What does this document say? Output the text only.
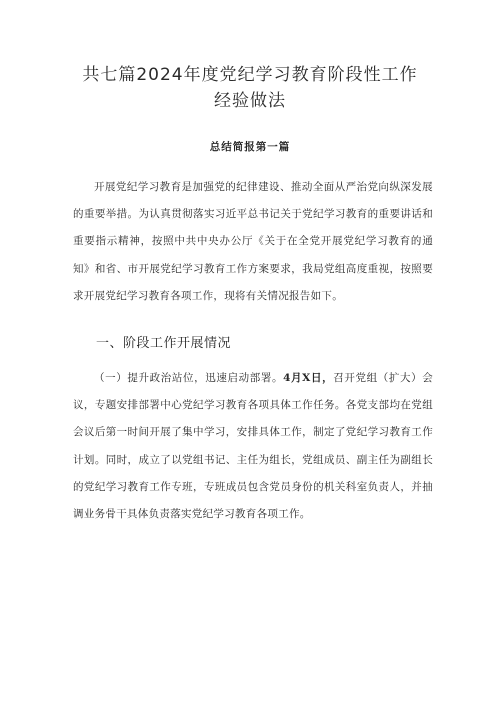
共七篇2024年度党纪学习教育阶段性工作
经验做法

总结简报第一篇

开展党纪学习教育是加强党的纪律建设、推动全面从严治党向纵深发展的重要举措。为认真贯彻落实习近平总书记关于党纪学习教育的重要讲话和重要指示精神，按照中共中央办公厅《关于在全党开展党纪学习教育的通知》和省、市开展党纪学习教育工作方案要求，我局党组高度重视，按照要求开展党纪学习教育各项工作，现将有关情况报告如下。

一、阶段工作开展情况

（一）提升政治站位，迅速启动部署。4月X日，召开党组（扩大）会议，专题安排部署中心党纪学习教育各项具体工作任务。各党支部均在党组会议后第一时间开展了集中学习，安排具体工作，制定了党纪学习教育工作计划。同时，成立了以党组书记、主任为组长，党组成员、副主任为副组长的党纪学习教育工作专班，专班成员包含党员身份的机关科室负责人，并抽调业务骨干具体负责落实党纪学习教育各项工作。
